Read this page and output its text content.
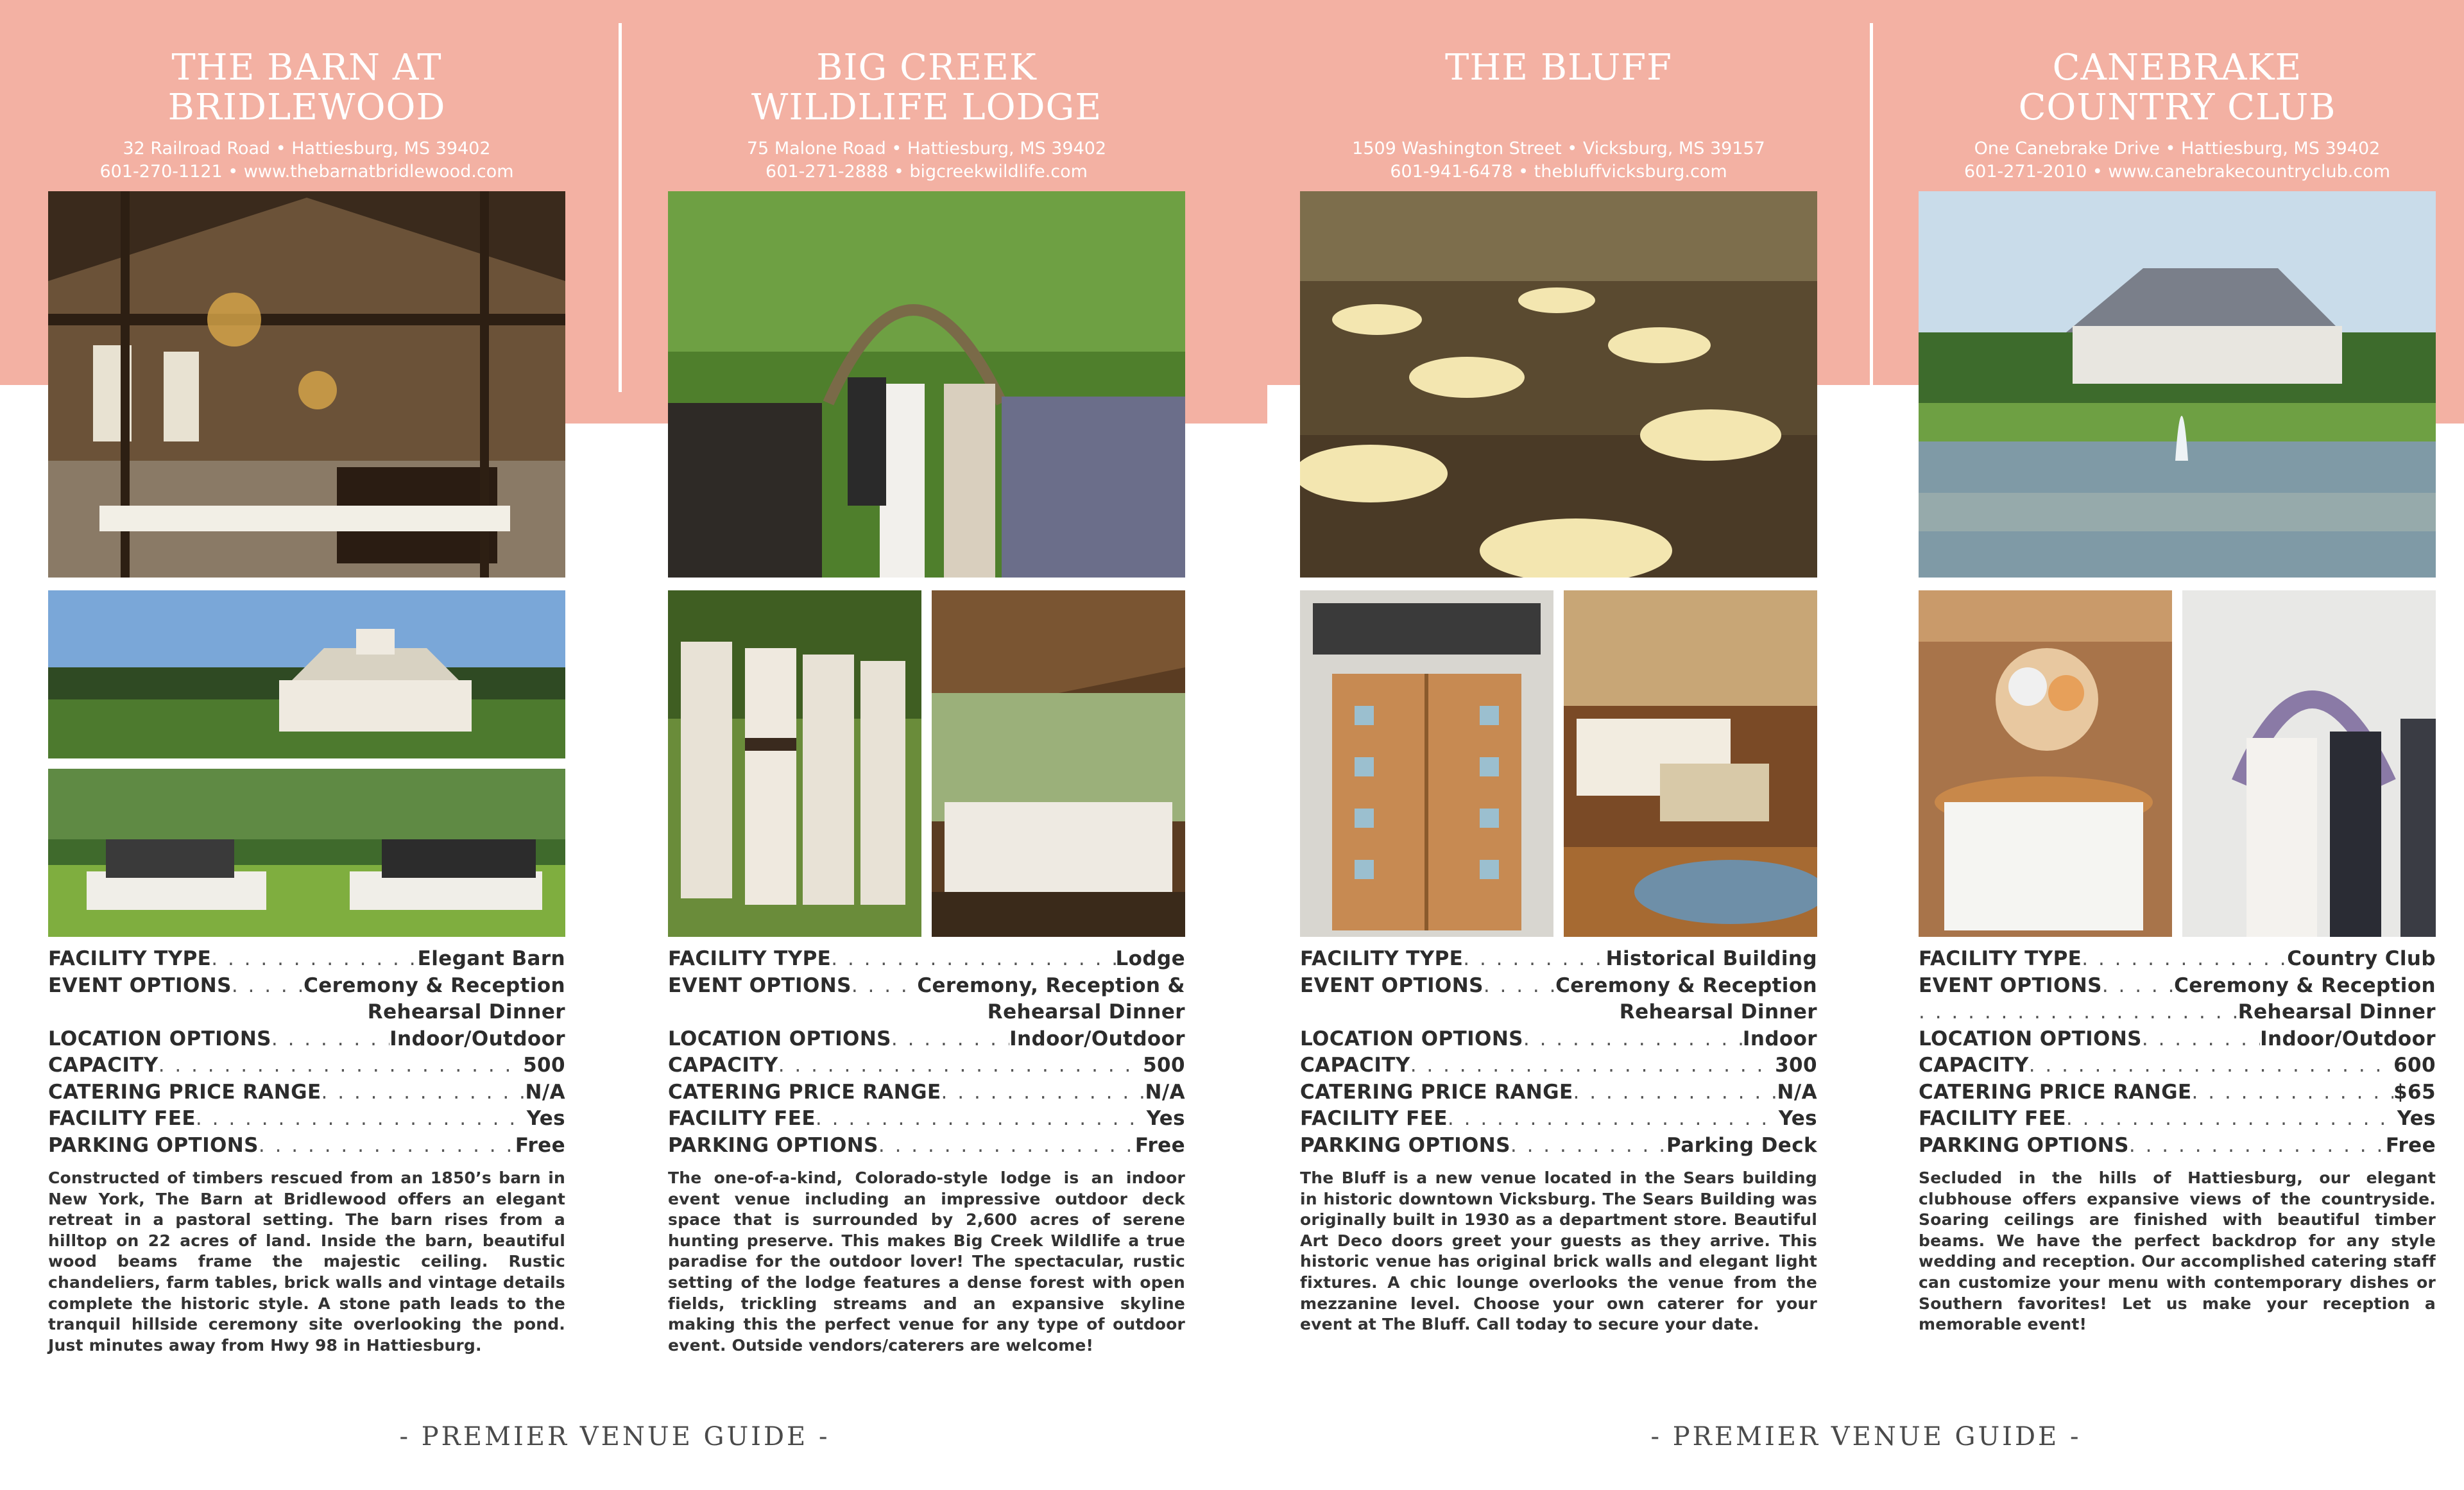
THE BARN AT BRIDLEWOOD
32 Railroad Road • Hattiesburg, MS 39402
601-270-1121 • www.thebarnatbridlewood.com
FACILITY TYPE . . .	Elegant Barn
EVENT OPTIONS . . .	Ceremony & Reception
Rehearsal Dinner
LOCATION OPTIONS . . .	Indoor/Outdoor
CAPACITY . . .	500
CATERING PRICE RANGE . . .	N/A
FACILITY FEE . . .	Yes
PARKING OPTIONS . . .	Free
Constructed of timbers rescued from an 1850’s barn in New York, The Barn at Bridlewood offers an elegant retreat in a pastoral setting. The barn rises from a hilltop on 22 acres of land. Inside the barn, beautiful wood beams frame the majestic ceiling. Rustic chandeliers, farm tables, brick walls and vintage details complete the historic style. A stone path leads to the tranquil hillside ceremony site overlooking the pond. Just minutes away from Hwy 98 in Hattiesburg.
BIG CREEK
WILDLIFE LODGE
75 Malone Road • Hattiesburg, MS 39402
601-271-2888 • bigcreekwildlife.com
FACILITY TYPE . . .	Lodge
EVENT OPTIONS . . .	Ceremony, Reception &
Rehearsal Dinner
LOCATION OPTIONS . . .	Indoor/Outdoor
CAPACITY . . .	500
CATERING PRICE RANGE . . .	N/A
FACILITY FEE . . .	Yes
PARKING OPTIONS . . .	Free
The one-of-a-kind, Colorado-style lodge is an indoor event venue including an impressive outdoor deck space that is surrounded by 2,600 acres of serene hunting preserve. This makes Big Creek Wildlife a true paradise for the outdoor lover! The spectacular, rustic setting of the lodge features a dense forest with open fields, trickling streams and an expansive skyline making this the perfect venue for any type of outdoor event. Outside vendors/caterers are welcome!
THE BLUFF
1509 Washington Street • Vicksburg, MS 39157
601-941-6478 • thebluffvicksburg.com
FACILITY TYPE . . .	Historical Building
EVENT OPTIONS . . .	Ceremony & Reception
Rehearsal Dinner
LOCATION OPTIONS . . .	Indoor
CAPACITY . . .	300
CATERING PRICE RANGE . . .	N/A
FACILITY FEE . . .	Yes
PARKING OPTIONS . . .	Parking Deck
The Bluff is a new venue located in the Sears building in historic downtown Vicksburg. The Sears Building was originally built in 1930 as a department store. Beautiful Art Deco doors greet your guests as they arrive. This historic venue has original brick walls and elegant light fixtures. A chic lounge overlooks the venue from the mezzanine level. Choose your own caterer for your event at The Bluff. Call today to secure your date.
CANEBRAKE
COUNTRY CLUB
One Canebrake Drive • Hattiesburg, MS 39402
601-271-2010 • www.canebrakecountryclub.com
FACILITY TYPE . . .	Country Club
EVENT OPTIONS . . .	Ceremony & Reception
. . .
Rehearsal Dinner
LOCATION OPTIONS . . .	Indoor/Outdoor
CAPACITY . . .	600
CATERING PRICE RANGE . . .	$65
FACILITY FEE . . .	Yes
PARKING OPTIONS . . .	Free
Secluded in the hills of Hattiesburg, our elegant clubhouse offers expansive views of the countryside. Soaring ceilings are finished with beautiful timber beams. We have the perfect backdrop for any style wedding and reception. Our accomplished catering staff can customize your menu with contemporary dishes or Southern favorites! Let us make your reception a memorable event!
- PREMIER VENUE GUIDE -	- PREMIER VENUE GUIDE -
